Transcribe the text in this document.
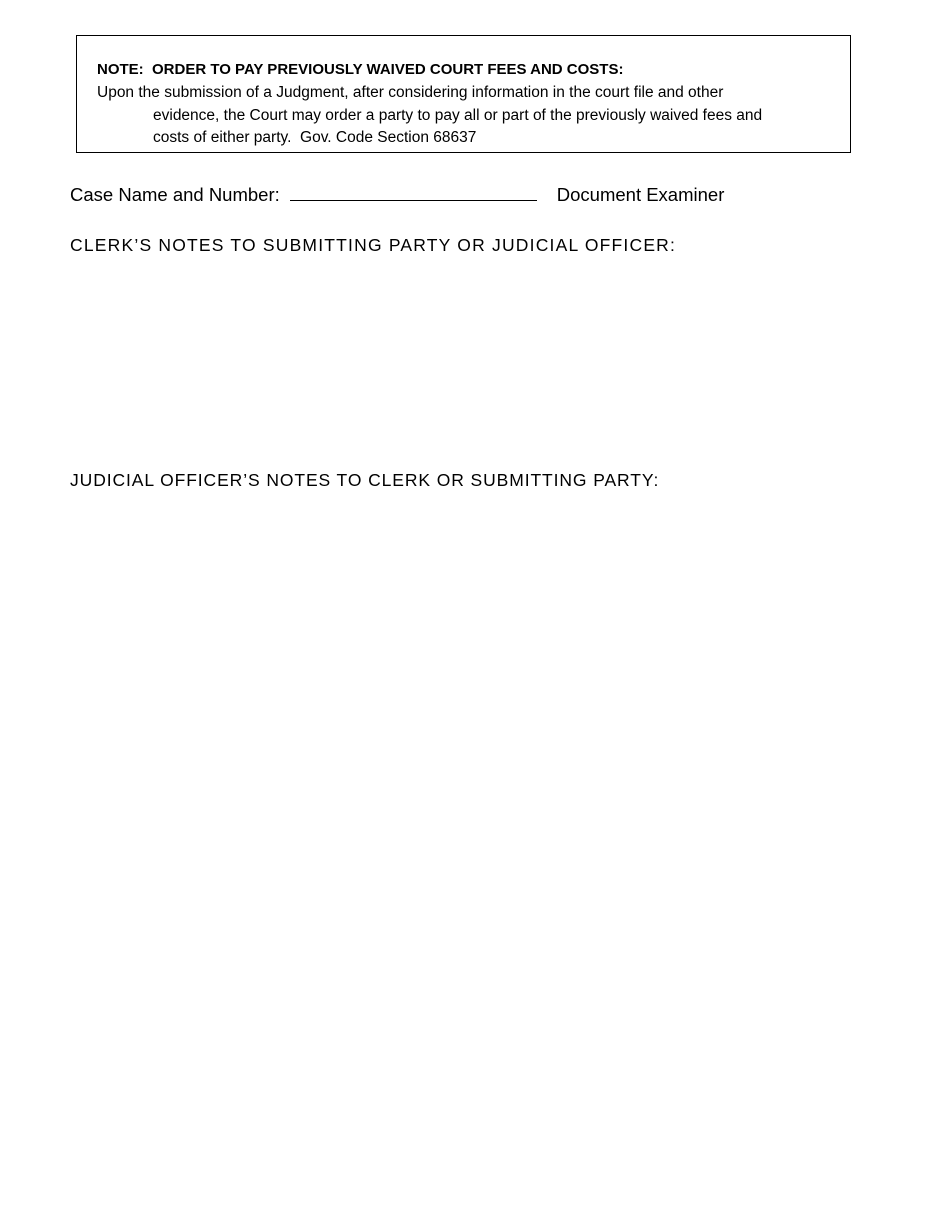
NOTE:  ORDER TO PAY PREVIOUSLY WAIVED COURT FEES AND COSTS:
Upon the submission of a Judgment, after considering information in the court file and other
evidence, the Court may order a party to pay all or part of the previously waived fees and
costs of either party.  Gov. Code Section 68637
Case Name and Number:	Document Examiner
CLERK’S NOTES TO SUBMITTING PARTY OR JUDICIAL OFFICER:
JUDICIAL OFFICER’S NOTES TO CLERK OR SUBMITTING PARTY:
